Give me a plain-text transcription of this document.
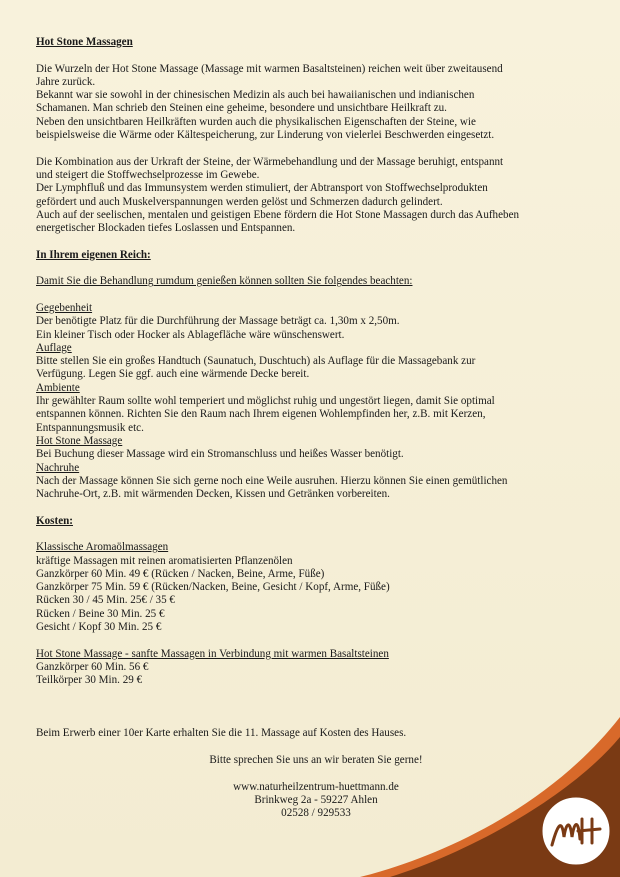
Hot Stone Massagen

Die Wurzeln der Hot Stone Massage (Massage mit warmen Basaltsteinen) reichen weit über zweitausend

Jahre zurück.

Bekannt war sie sowohl in der chinesischen Medizin als auch bei hawaiianischen und indianischen

Schamanen. Man schrieb den Steinen eine geheime, besondere und unsichtbare Heilkraft zu.

Neben den unsichtbaren Heilkräften wurden auch die physikalischen Eigenschaften der Steine, wie

beispielsweise die Wärme oder Kältespeicherung, zur Linderung von vielerlei Beschwerden eingesetzt.

Die Kombination aus der Urkraft der Steine, der Wärmebehandlung und der Massage beruhigt, entspannt

und steigert die Stoffwechselprozesse im Gewebe.

Der Lymphfluß und das Immunsystem werden stimuliert, der Abtransport von Stoffwechselprodukten

gefördert und auch Muskelverspannungen werden gelöst und Schmerzen dadurch gelindert.

Auch auf der seelischen, mentalen und geistigen Ebene fördern die Hot Stone Massagen durch das Aufheben

energetischer Blockaden tiefes Loslassen und Entspannen.

In Ihrem eigenen Reich:

Damit Sie die Behandlung rumdum genießen können sollten Sie folgendes beachten:

Gegebenheit

Der benötigte Platz für die Durchführung der Massage beträgt ca. 1,30m x 2,50m.

Ein kleiner Tisch oder Hocker als Ablagefläche wäre wünschenswert.

Auflage

Bitte stellen Sie ein großes Handtuch (Saunatuch, Duschtuch) als Auflage für die Massagebank zur

Verfügung. Legen Sie ggf. auch eine wärmende Decke bereit.

Ambiente

Ihr gewählter Raum sollte wohl temperiert und möglichst ruhig und ungestört liegen, damit Sie optimal

entspannen können. Richten Sie den Raum nach Ihrem eigenen Wohlempfinden her, z.B. mit Kerzen,

Entspannungsmusik etc.

Hot Stone Massage

Bei Buchung dieser Massage wird ein Stromanschluss und heißes Wasser benötigt.

Nachruhe

Nach der Massage können Sie sich gerne noch eine Weile ausruhen. Hierzu können Sie einen gemütlichen

Nachruhe-Ort, z.B. mit wärmenden Decken, Kissen und Getränken vorbereiten.

Kosten:

Klassische Aromaölmassagen

kräftige Massagen mit reinen aromatisierten Pflanzenölen

Ganzkörper 60 Min. 49 € (Rücken / Nacken, Beine, Arme, Füße)

Ganzkörper 75 Min. 59 € (Rücken/Nacken, Beine, Gesicht / Kopf, Arme, Füße)

Rücken 30 / 45 Min. 25€ / 35 €

Rücken / Beine 30 Min. 25 €

Gesicht / Kopf 30 Min. 25 €

Hot Stone Massage - sanfte Massagen in Verbindung mit warmen Basaltsteinen

Ganzkörper 60 Min. 56 €

Teilkörper 30 Min. 29 €

Beim Erwerb einer 10er Karte erhalten Sie die 11. Massage auf Kosten des Hauses.

Bitte sprechen Sie uns an wir beraten Sie gerne!

www.naturheilzentrum-huettmann.de

Brinkweg 2a - 59227 Ahlen

02528 / 929533
